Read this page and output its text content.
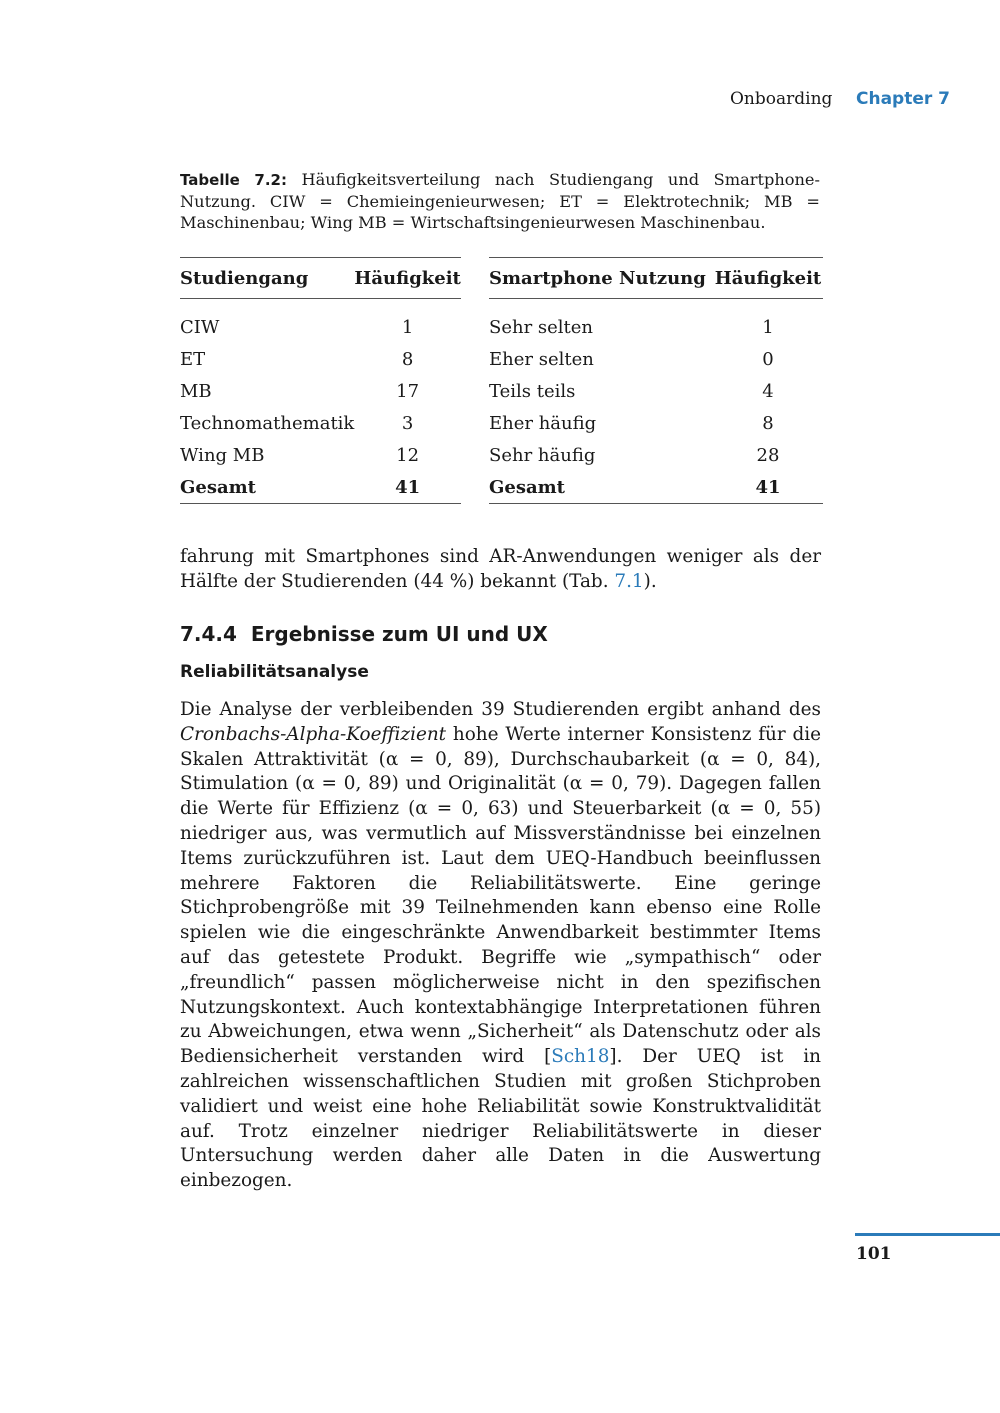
Onboarding Chapter 7
Tabelle 7.2: Häufigkeitsverteilung nach Studiengang und Smartphone-Nutzung. CIW = Chemieingenieurwesen; ET = Elektrotechnik; MB = Maschinenbau; Wing MB = Wirtschaftsingenieurwesen Maschinenbau.
Studiengang	Häufigkeit
CIW	1
ET	8
MB	17
Technomathematik	3
Wing MB	12
Gesamt	41
Smartphone Nutzung	Häufigkeit
Sehr selten	1
Eher selten	0
Teils teils	4
Eher häufig	8
Sehr häufig	28
Gesamt	41

fahrung mit Smartphones sind AR-Anwendungen weniger als der Hälfte der Studierenden (44 %) bekannt (Tab. 7.1).

7.4.4 Ergebnisse zum UI und UX
Reliabilitätsanalyse

Die Analyse der verbleibenden 39 Studierenden ergibt anhand des Cronbachs-Alpha-Koeffizient hohe Werte interner Konsistenz für die Skalen Attraktivität (α = 0, 89), Durchschaubarkeit (α = 0, 84), Stimulation (α = 0, 89) und Originalität (α = 0, 79). Dagegen fallen die Werte für Effizienz (α = 0, 63) und Steuerbarkeit (α = 0, 55) niedriger aus, was vermutlich auf Missverständnisse bei einzelnen Items zurückzuführen ist. Laut dem UEQ-Handbuch beeinflussen mehrere Faktoren die Reliabilitätswerte. Eine geringe Stichprobengröße mit 39 Teilnehmenden kann ebenso eine Rolle spielen wie die eingeschränkte Anwendbarkeit bestimmter Items auf das getestete Produkt. Begriffe wie „sympathisch“ oder „freundlich“ passen möglicherweise nicht in den spezifischen Nutzungskontext. Auch kontextabhängige Interpretationen führen zu Abweichungen, etwa wenn „Sicherheit“ als Datenschutz oder als Bediensicherheit verstanden wird [Sch18]. Der UEQ ist in zahlreichen wissenschaftlichen Studien mit großen Stichproben validiert und weist eine hohe Reliabilität sowie Konstruktvalidität auf. Trotz einzelner niedriger Reliabilitätswerte in dieser Untersuchung werden daher alle Daten in die Auswertung einbezogen.

101
